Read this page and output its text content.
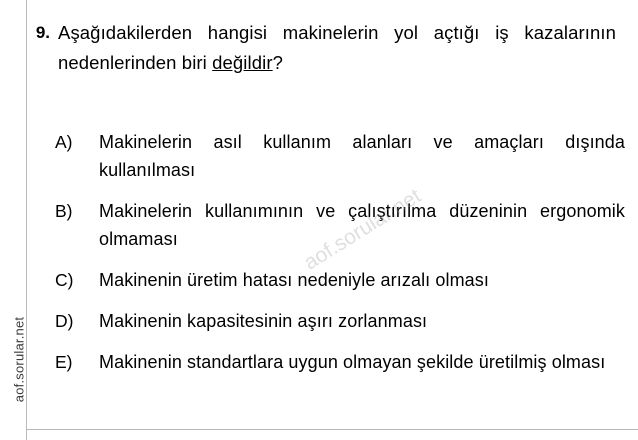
aof.sorular.net
9. Aşağıdakilerden hangisi makinelerin yol açtığı iş kazalarının nedenlerinden biri değildir?
A)	Makinelerin asıl kullanım alanları ve amaçları dışında kullanılması
B)	Makinelerin kullanımının ve çalıştırılma düzeninin ergonomik olmaması
C)	Makinenin üretim hatası nedeniyle arızalı olması
D)	Makinenin kapasitesinin aşırı zorlanması
E)	Makinenin standartlara uygun olmayan şekilde üretilmiş olması
aof.sorular.net
